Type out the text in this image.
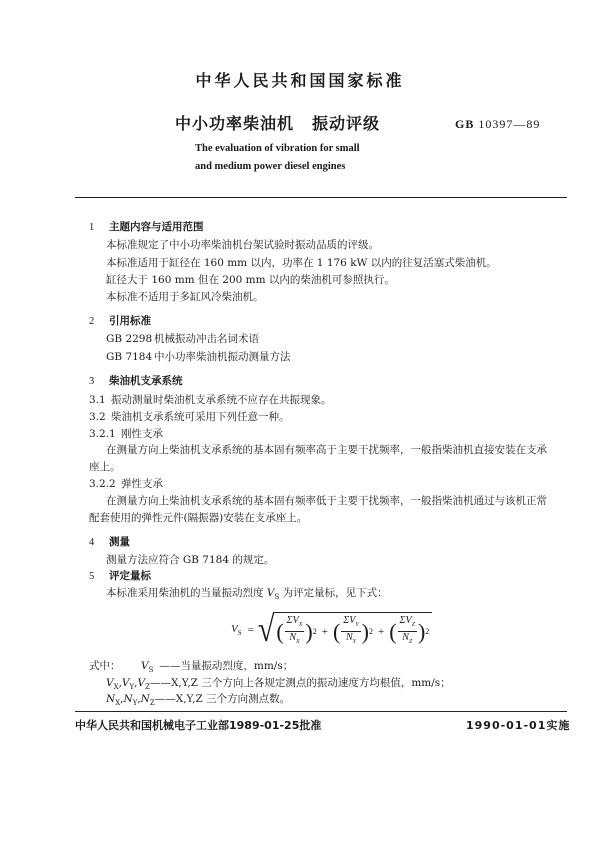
中华人民共和国国家标准
中小功率柴油机 振动评级	GB 10397—89
The evaluation of vibration for small
and medium power diesel engines
1 主题内容与适用范围
本标准规定了中小功率柴油机台架试验时振动品质的评级。
本标准适用于缸径在 160 mm 以内，功率在 1 176 kW 以内的往复活塞式柴油机。
缸径大于 160 mm 但在 200 mm 以内的柴油机可参照执行。
本标准不适用于多缸风冷柴油机。
2 引用标准
GB 2298 机械振动冲击名词术语
GB 7184 中小功率柴油机振动测量方法
3 柴油机支承系统
3.1 振动测量时柴油机支承系统不应存在共振现象。
3.2 柴油机支承系统可采用下列任意一种。
3.2.1 刚性支承
在测量方向上柴油机支承系统的基本固有频率高于主要干扰频率，一般指柴油机直接安装在支承
座上。
3.2.2 弹性支承
在测量方向上柴油机支承系统的基本固有频率低于主要干扰频率，一般指柴油机通过与该机正常
配套使用的弹性元件(隔振器)安装在支承座上。
4 测量
测量方法应符合 GB 7184 的规定。
5 评定量标
本标准采用柴油机的当量振动烈度 $V_S$ 为评定量标，见下式：
$V_S$ = √ ( $\frac{\Sigma V_X}{N_X}$ ) 2 + ( $\frac{\Sigma V_Y}{N_Y}$ ) 2 + ( $\frac{\Sigma V_Z}{N_Z}$ ) 2
式中： $V_S$ ——当量振动烈度，mm/s；
$V_X,V_Y,V_Z——X,Y,Z$ 三个方向上各规定测点的振动速度方均根值，mm/s；
$N_X,N_Y,N_Z——X,Y,Z$ 三个方向测点数。
中华人民共和国机械电子工业部1989-01-25批准	1990-01-01实施
